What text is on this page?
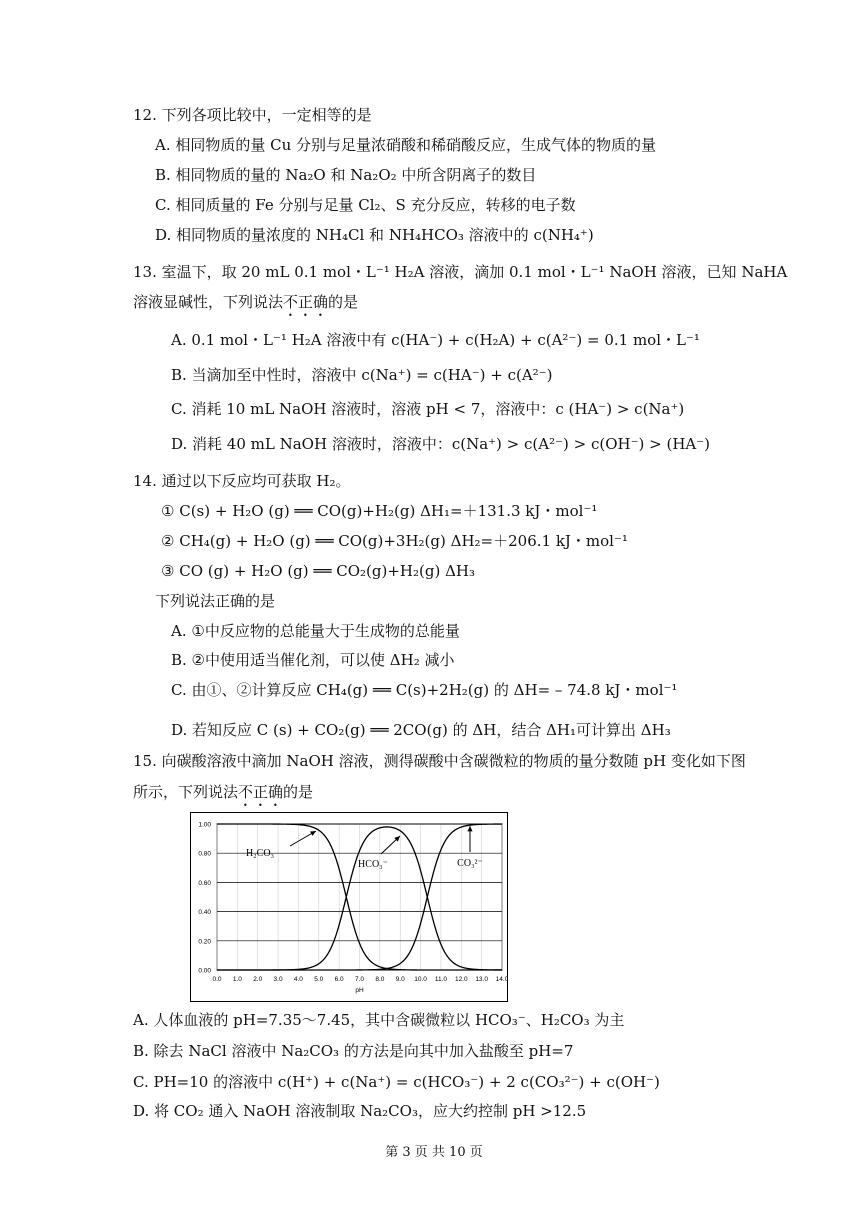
12. 下列各项比较中，一定相等的是
A. 相同物质的量 Cu 分别与足量浓硝酸和稀硝酸反应，生成气体的物质的量
B. 相同物质的量的 Na₂O 和 Na₂O₂ 中所含阴离子的数目
C. 相同质量的 Fe 分别与足量 Cl₂、S 充分反应，转移的电子数
D. 相同物质的量浓度的 NH₄Cl 和 NH₄HCO₃ 溶液中的 c(NH₄⁺)
13. 室温下，取 20 mL 0.1 mol・L⁻¹ H₂A 溶液，滴加 0.1 mol・L⁻¹ NaOH 溶液，已知 NaHA
溶液显碱性，下列说法不正确的是
A. 0.1 mol・L⁻¹ H₂A 溶液中有 c(HA⁻) + c(H₂A) + c(A²⁻) = 0.1 mol・L⁻¹
B. 当滴加至中性时，溶液中 c(Na⁺) = c(HA⁻) + c(A²⁻)
C. 消耗 10 mL NaOH 溶液时，溶液 pH < 7，溶液中：c (HA⁻) > c(Na⁺)
D. 消耗 40 mL NaOH 溶液时，溶液中：c(Na⁺) > c(A²⁻) > c(OH⁻) > (HA⁻)
14. 通过以下反应均可获取 H₂。
① C(s) + H₂O (g) ══ CO(g)+H₂(g) ΔH₁=＋131.3 kJ・mol⁻¹
② CH₄(g) + H₂O (g) ══ CO(g)+3H₂(g) ΔH₂=＋206.1 kJ・mol⁻¹
③ CO (g) + H₂O (g) ══ CO₂(g)+H₂(g) ΔH₃
下列说法正确的是
A. ①中反应物的总能量大于生成物的总能量
B. ②中使用适当催化剂，可以使 ΔH₂ 减小
C. 由①、②计算反应 CH₄(g) ══ C(s)+2H₂(g) 的 ΔH= – 74.8 kJ・mol⁻¹
D. 若知反应 C (s) + CO₂(g) ══ 2CO(g) 的 ΔH，结合 ΔH₁可计算出 ΔH₃
15. 向碳酸溶液中滴加 NaOH 溶液，测得碳酸中含碳微粒的物质的量分数随 pH 变化如下图
所示，下列说法不正确的是
0.0 1.0 2.0 3.0 4.0 5.0 6.0 7.0 8.0 9.0 10.0 11.0 12.0 13.0 14.0
0.00
0.20
0.40
0.60
0.80
1.00
pH
H₂CO₃
HCO₃⁻	CO₃²⁻
A. 人体血液的 pH=7.35～7.45，其中含碳微粒以 HCO₃⁻、H₂CO₃ 为主
B. 除去 NaCl 溶液中 Na₂CO₃ 的方法是向其中加入盐酸至 pH=7
C. PH=10 的溶液中 c(H⁺) + c(Na⁺) = c(HCO₃⁻) + 2 c(CO₃²⁻) + c(OH⁻)
D. 将 CO₂ 通入 NaOH 溶液制取 Na₂CO₃，应大约控制 pH >12.5
第 3 页 共 10 页
